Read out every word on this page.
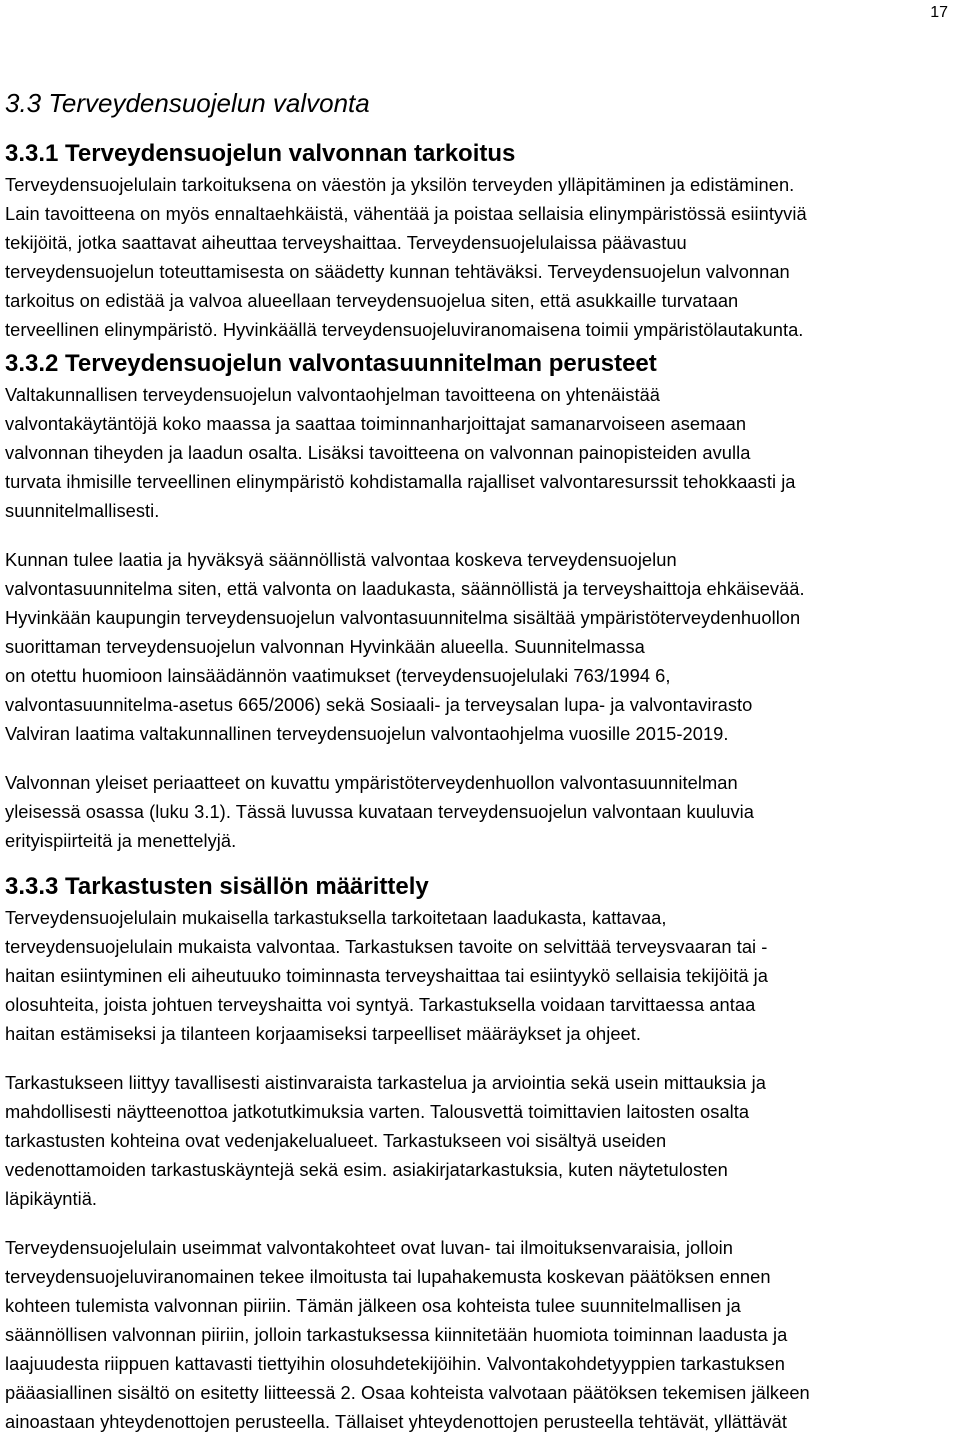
17
3.3 Terveydensuojelun valvonta
3.3.1 Terveydensuojelun valvonnan tarkoitus

Terveydensuojelulain tarkoituksena on väestön ja yksilön terveyden ylläpitäminen ja edistäminen.
Lain tavoitteena on myös ennaltaehkäistä, vähentää ja poistaa sellaisia elinympäristössä esiintyviä
tekijöitä, jotka saattavat aiheuttaa terveyshaittaa. Terveydensuojelulaissa päävastuu
terveydensuojelun toteuttamisesta on säädetty kunnan tehtäväksi. Terveydensuojelun valvonnan
tarkoitus on edistää ja valvoa alueellaan terveydensuojelua siten, että asukkaille turvataan
terveellinen elinympäristö. Hyvinkäällä terveydensuojeluviranomaisena toimii ympäristölautakunta.

3.3.2 Terveydensuojelun valvontasuunnitelman perusteet

Valtakunnallisen terveydensuojelun valvontaohjelman tavoitteena on yhtenäistää
valvontakäytäntöjä koko maassa ja saattaa toiminnanharjoittajat samanarvoiseen asemaan
valvonnan tiheyden ja laadun osalta. Lisäksi tavoitteena on valvonnan painopisteiden avulla
turvata ihmisille terveellinen elinympäristö kohdistamalla rajalliset valvontaresurssit tehokkaasti ja
suunnitelmallisesti.

Kunnan tulee laatia ja hyväksyä säännöllistä valvontaa koskeva terveydensuojelun
valvontasuunnitelma siten, että valvonta on laadukasta, säännöllistä ja terveyshaittoja ehkäisevää.
Hyvinkään kaupungin terveydensuojelun valvontasuunnitelma sisältää ympäristöterveydenhuollon
suorittaman terveydensuojelun valvonnan Hyvinkään alueella. Suunnitelmassa
on otettu huomioon lainsäädännön vaatimukset (terveydensuojelulaki 763/1994 6,
valvontasuunnitelma-asetus 665/2006) sekä Sosiaali- ja terveysalan lupa- ja valvontavirasto
Valviran laatima valtakunnallinen terveydensuojelun valvontaohjelma vuosille 2015-2019.

Valvonnan yleiset periaatteet on kuvattu ympäristöterveydenhuollon valvontasuunnitelman
yleisessä osassa (luku 3.1). Tässä luvussa kuvataan terveydensuojelun valvontaan kuuluvia
erityispiirteitä ja menettelyjä.

3.3.3 Tarkastusten sisällön määrittely

Terveydensuojelulain mukaisella tarkastuksella tarkoitetaan laadukasta, kattavaa,
terveydensuojelulain mukaista valvontaa. Tarkastuksen tavoite on selvittää terveysvaaran tai -
haitan esiintyminen eli aiheutuuko toiminnasta terveyshaittaa tai esiintyykö sellaisia tekijöitä ja
olosuhteita, joista johtuen terveyshaitta voi syntyä. Tarkastuksella voidaan tarvittaessa antaa
haitan estämiseksi ja tilanteen korjaamiseksi tarpeelliset määräykset ja ohjeet.

Tarkastukseen liittyy tavallisesti aistinvaraista tarkastelua ja arviointia sekä usein mittauksia ja
mahdollisesti näytteenottoa jatkotutkimuksia varten. Talousvettä toimittavien laitosten osalta
tarkastusten kohteina ovat vedenjakelualueet. Tarkastukseen voi sisältyä useiden
vedenottamoiden tarkastuskäyntejä sekä esim. asiakirjatarkastuksia, kuten näytetulosten
läpikäyntiä.

Terveydensuojelulain useimmat valvontakohteet ovat luvan- tai ilmoituksenvaraisia, jolloin
terveydensuojeluviranomainen tekee ilmoitusta tai lupahakemusta koskevan päätöksen ennen
kohteen tulemista valvonnan piiriin. Tämän jälkeen osa kohteista tulee suunnitelmallisen ja
säännöllisen valvonnan piiriin, jolloin tarkastuksessa kiinnitetään huomiota toiminnan laadusta ja
laajuudesta riippuen kattavasti tiettyihin olosuhdetekijöihin. Valvontakohdetyyppien tarkastuksen
pääasiallinen sisältö on esitetty liitteessä 2. Osaa kohteista valvotaan päätöksen tekemisen jälkeen
ainoastaan yhteydenottojen perusteella. Tällaiset yhteydenottojen perusteella tehtävät, yllättävät
